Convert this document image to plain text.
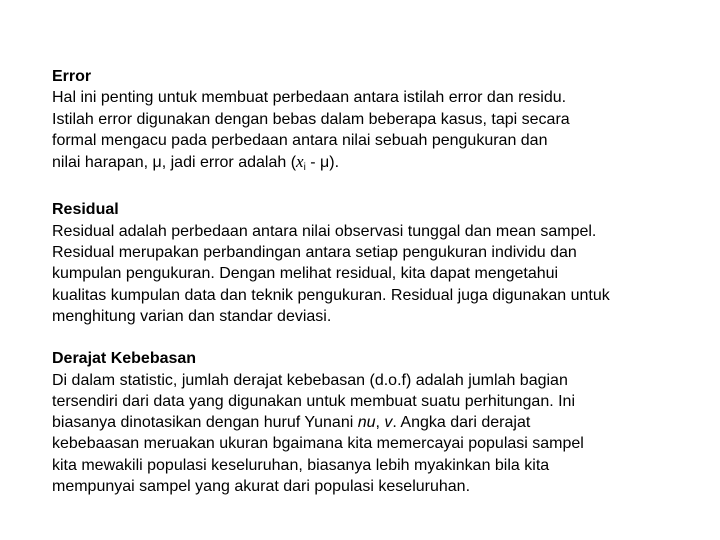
Error
Hal ini penting untuk membuat perbedaan antara istilah error dan residu.
Istilah error digunakan dengan bebas dalam beberapa kasus, tapi secara
formal mengacu pada perbedaan antara nilai sebuah pengukuran dan
nilai harapan, μ, jadi error adalah $(x_i - \mu)$.
Residual
Residual adalah perbedaan antara nilai observasi tunggal dan mean sampel.
Residual merupakan perbandingan antara setiap pengukuran individu dan
kumpulan pengukuran. Dengan melihat residual, kita dapat mengetahui
kualitas kumpulan data dan teknik pengukuran. Residual juga digunakan untuk
menghitung varian dan standar deviasi.
Derajat Kebebasan
Di dalam statistic, jumlah derajat kebebasan (d.o.f) adalah jumlah bagian
tersendiri dari data yang digunakan untuk membuat suatu perhitungan. Ini
biasanya dinotasikan dengan huruf Yunani nu, v. Angka dari derajat
kebebaasan meruakan ukuran bgaimana kita memercayai populasi sampel
kita mewakili populasi keseluruhan, biasanya lebih myakinkan bila kita
mempunyai sampel yang akurat dari populasi keseluruhan.
